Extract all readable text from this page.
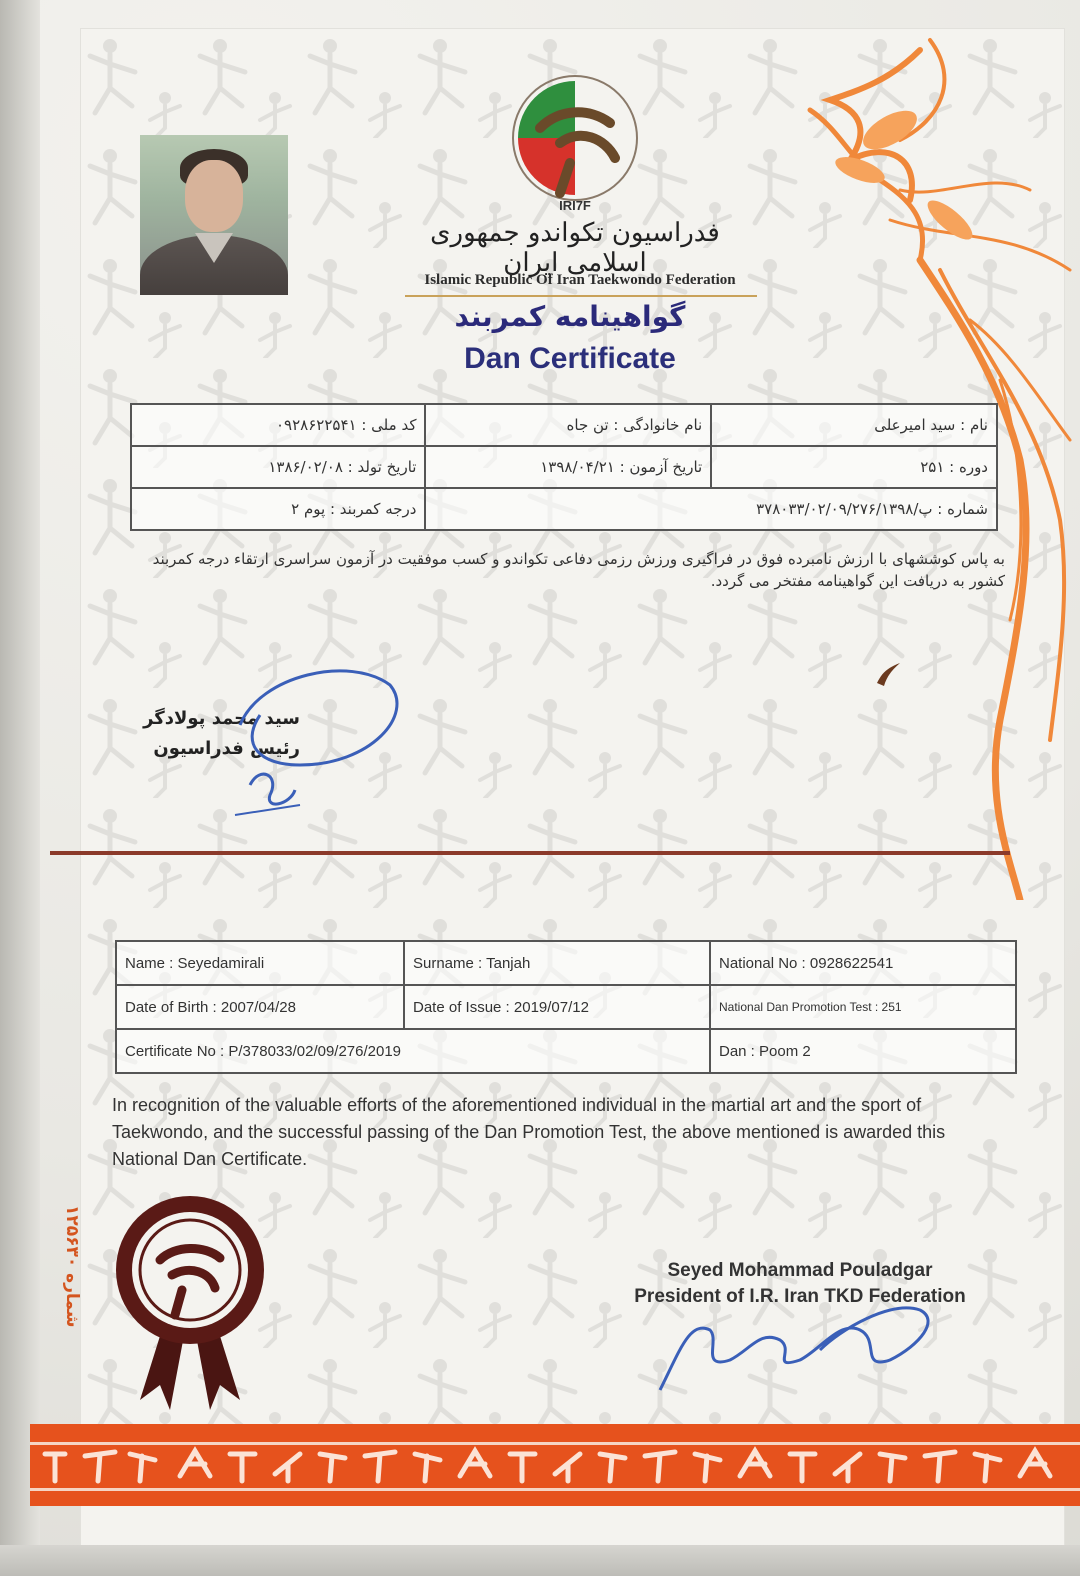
IRI7F
فدراسیون تکواندو جمهوری اسلامی ایران
Islamic Republic Of Iran Taekwondo Federation
گواهینامه کمربند
Dan Certificate
نام : سید امیرعلی	نام خانوادگی : تن جاه	کد ملی : ۰۹۲۸۶۲۲۵۴۱
دوره : ۲۵۱	تاریخ آزمون : ۱۳۹۸/۰۴/۲۱	تاریخ تولد : ۱۳۸۶/۰۲/۰۸
شماره : پ/۳۷۸۰۳۳/۰۲/۰۹/۲۷۶/۱۳۹۸		درجه کمربند : پوم ۲
به پاس کوششهای با ارزش نامبرده فوق در فراگیری ورزش رزمی دفاعی تکواندو و کسب موفقیت در آزمون سراسری ارتقاء درجه کمربند کشور به دریافت این گواهینامه مفتخر می گردد.
سید محمد پولادگر
رئیس فدراسیون
Name : Seyedamirali	Surname : Tanjah	National No : 0928622541
Date of Birth : 2007/04/28	Date of Issue : 2019/07/12	National Dan Promotion Test : 251
Certificate No : P/378033/02/09/276/2019		Dan : Poom 2
In recognition of the valuable efforts of the aforementioned individual in the martial art and the sport of Taekwondo, and the successful passing of the Dan Promotion Test, the above mentioned is awarded this National Dan Certificate.
شماره ۱۲۵۶۳۰	Seyed Mohammad Pouladgar
President of I.R. Iran TKD Federation
